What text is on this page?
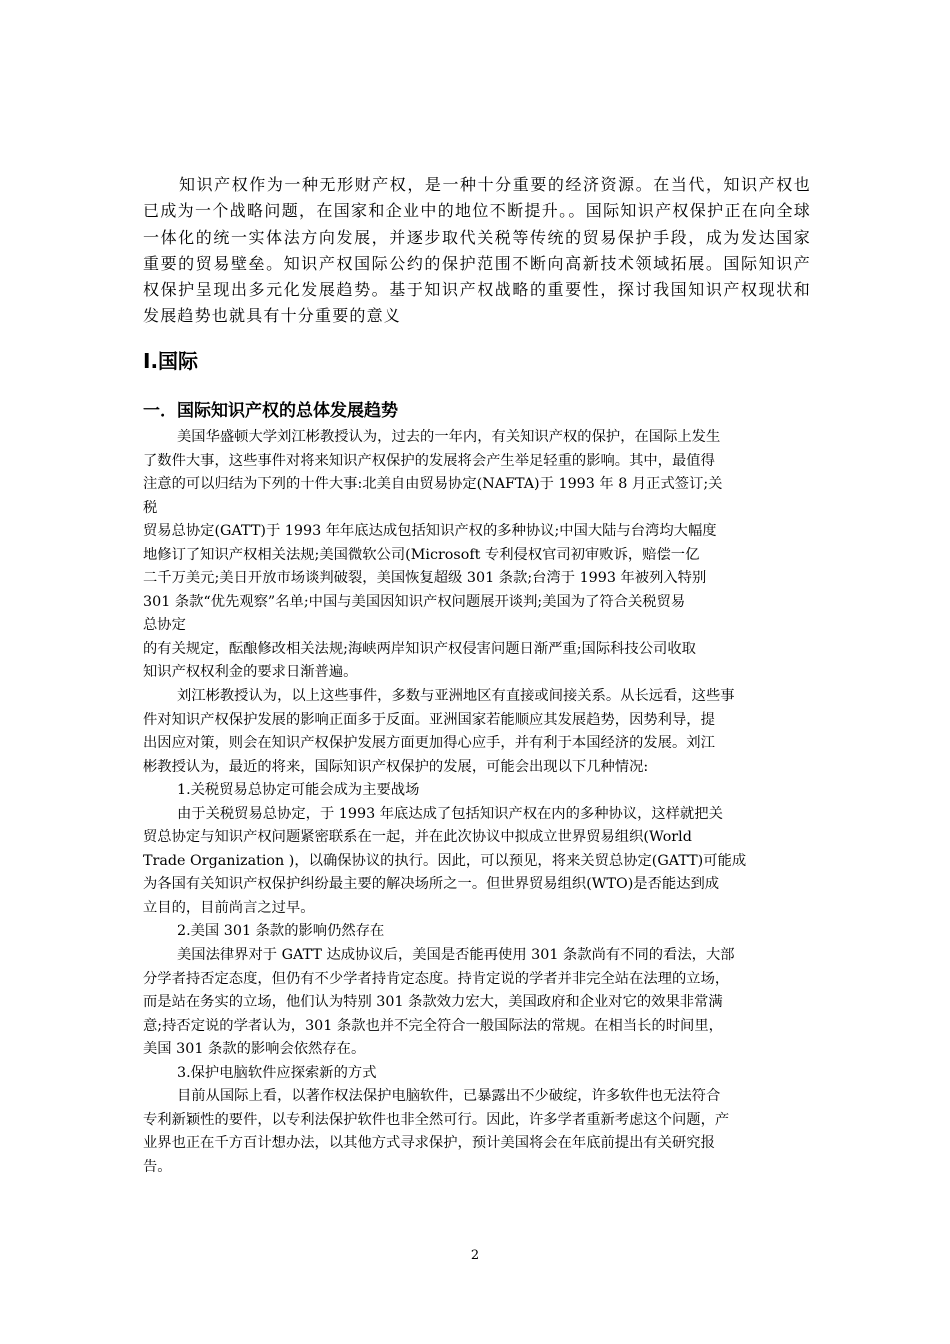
知识产权作为一种无形财产权，是一种十分重要的经济资源。在当代，知识产权也已成为一个战略问题，在国家和企业中的地位不断提升。。国际知识产权保护正在向全球一体化的统一实体法方向发展，并逐步取代关税等传统的贸易保护手段，成为发达国家重要的贸易壁垒。知识产权国际公约的保护范围不断向高新技术领域拓展。国际知识产权保护呈现出多元化发展趋势。基于知识产权战略的重要性，探讨我国知识产权现状和发展趋势也就具有十分重要的意义

Ⅰ.国际
一．国际知识产权的总体发展趋势

美国华盛顿大学刘江彬教授认为，过去的一年内，有关知识产权的保护，在国际上发生

了数件大事，这些事件对将来知识产权保护的发展将会产生举足轻重的影响。其中，最值得

注意的可以归结为下列的十件大事:北美自由贸易协定(NAFTA)于 1993 年 8 月正式签订;关

税

贸易总协定(GATT)于 1993 年年底达成包括知识产权的多种协议;中国大陆与台湾均大幅度

地修订了知识产权相关法规;美国微软公司(Microsoft 专利侵权官司初审败诉，赔偿一亿

二千万美元;美日开放市场谈判破裂，美国恢复超级 301 条款;台湾于 1993 年被列入特别

301 条款“优先观察”名单;中国与美国因知识产权问题展开谈判;美国为了符合关税贸易

总协定

的有关规定，酝酿修改相关法规;海峡两岸知识产权侵害问题日渐严重;国际科技公司收取

知识产权权利金的要求日渐普遍。

刘江彬教授认为，以上这些事件，多数与亚洲地区有直接或间接关系。从长远看，这些事

件对知识产权保护发展的影响正面多于反面。亚洲国家若能顺应其发展趋势，因势利导，提

出因应对策，则会在知识产权保护发展方面更加得心应手，并有利于本国经济的发展。刘江

彬教授认为，最近的将来，国际知识产权保护的发展，可能会出现以下几种情况:

1.关税贸易总协定可能会成为主要战场

由于关税贸易总协定，于 1993 年底达成了包括知识产权在内的多种协议，这样就把关

贸总协定与知识产权问题紧密联系在一起，并在此次协议中拟成立世界贸易组织(World

Trade Organization )，以确保协议的执行。因此，可以预见，将来关贸总协定(GATT)可能成

为各国有关知识产权保护纠纷最主要的解决场所之一。但世界贸易组织(WTO)是否能达到成

立目的，目前尚言之过早。

2.美国 301 条款的影响仍然存在

美国法律界对于 GATT 达成协议后，美国是否能再使用 301 条款尚有不同的看法，大部

分学者持否定态度，但仍有不少学者持肯定态度。持肯定说的学者并非完全站在法理的立场，

而是站在务实的立场，他们认为特别 301 条款效力宏大，美国政府和企业对它的效果非常满

意;持否定说的学者认为，301 条款也并不完全符合一般国际法的常规。在相当长的时间里，

美国 301 条款的影响会依然存在。

3.保护电脑软件应探索新的方式

目前从国际上看，以著作权法保护电脑软件，已暴露出不少破绽，许多软件也无法符合

专利新颖性的要件，以专利法保护软件也非全然可行。因此，许多学者重新考虑这个问题，产

业界也正在千方百计想办法，以其他方式寻求保护，预计美国将会在年底前提出有关研究报

告。

2
